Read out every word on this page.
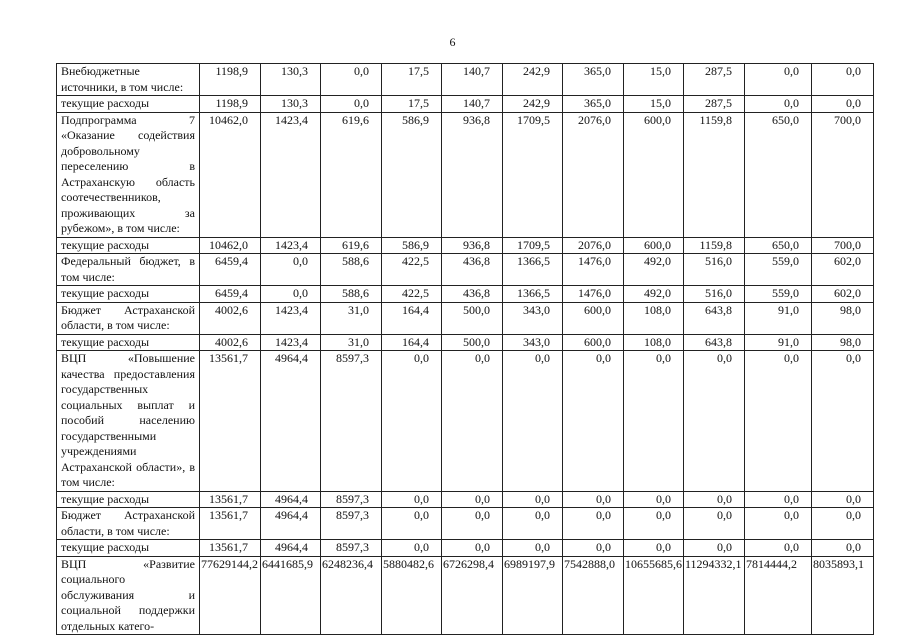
6
Внебюджетные источники, в том числе:	1198,9	130,3	0,0	17,5	140,7	242,9	365,0	15,0	287,5	0,0	0,0
текущие расходы	1198,9	130,3	0,0	17,5	140,7	242,9	365,0	15,0	287,5	0,0	0,0
Подпрограмма 7 «Оказание содействия добровольному переселению в Астраханскую область соотечественников, проживающих за рубежом», в том числе:	10462,0	1423,4	619,6	586,9	936,8	1709,5	2076,0	600,0	1159,8	650,0	700,0
текущие расходы	10462,0	1423,4	619,6	586,9	936,8	1709,5	2076,0	600,0	1159,8	650,0	700,0
Федеральный бюджет, в том числе:	6459,4	0,0	588,6	422,5	436,8	1366,5	1476,0	492,0	516,0	559,0	602,0
текущие расходы	6459,4	0,0	588,6	422,5	436,8	1366,5	1476,0	492,0	516,0	559,0	602,0
Бюджет Астраханской области, в том числе:	4002,6	1423,4	31,0	164,4	500,0	343,0	600,0	108,0	643,8	91,0	98,0
текущие расходы	4002,6	1423,4	31,0	164,4	500,0	343,0	600,0	108,0	643,8	91,0	98,0
ВЦП «Повышение качества предоставления государственных социальных выплат и пособий населению государственными учреждениями Астраханской области», в том числе:	13561,7	4964,4	8597,3	0,0	0,0	0,0	0,0	0,0	0,0	0,0	0,0
текущие расходы	13561,7	4964,4	8597,3	0,0	0,0	0,0	0,0	0,0	0,0	0,0	0,0
Бюджет Астраханской области, в том числе:	13561,7	4964,4	8597,3	0,0	0,0	0,0	0,0	0,0	0,0	0,0	0,0
текущие расходы	13561,7	4964,4	8597,3	0,0	0,0	0,0	0,0	0,0	0,0	0,0	0,0
ВЦП «Развитие социального обслуживания и социальной поддержки отдельных катего-	77629144,2	6441685,9	6248236,4	5880482,6	6726298,4	6989197,9	7542888,0	10655685,6	11294332,1	7814444,2	8035893,1
